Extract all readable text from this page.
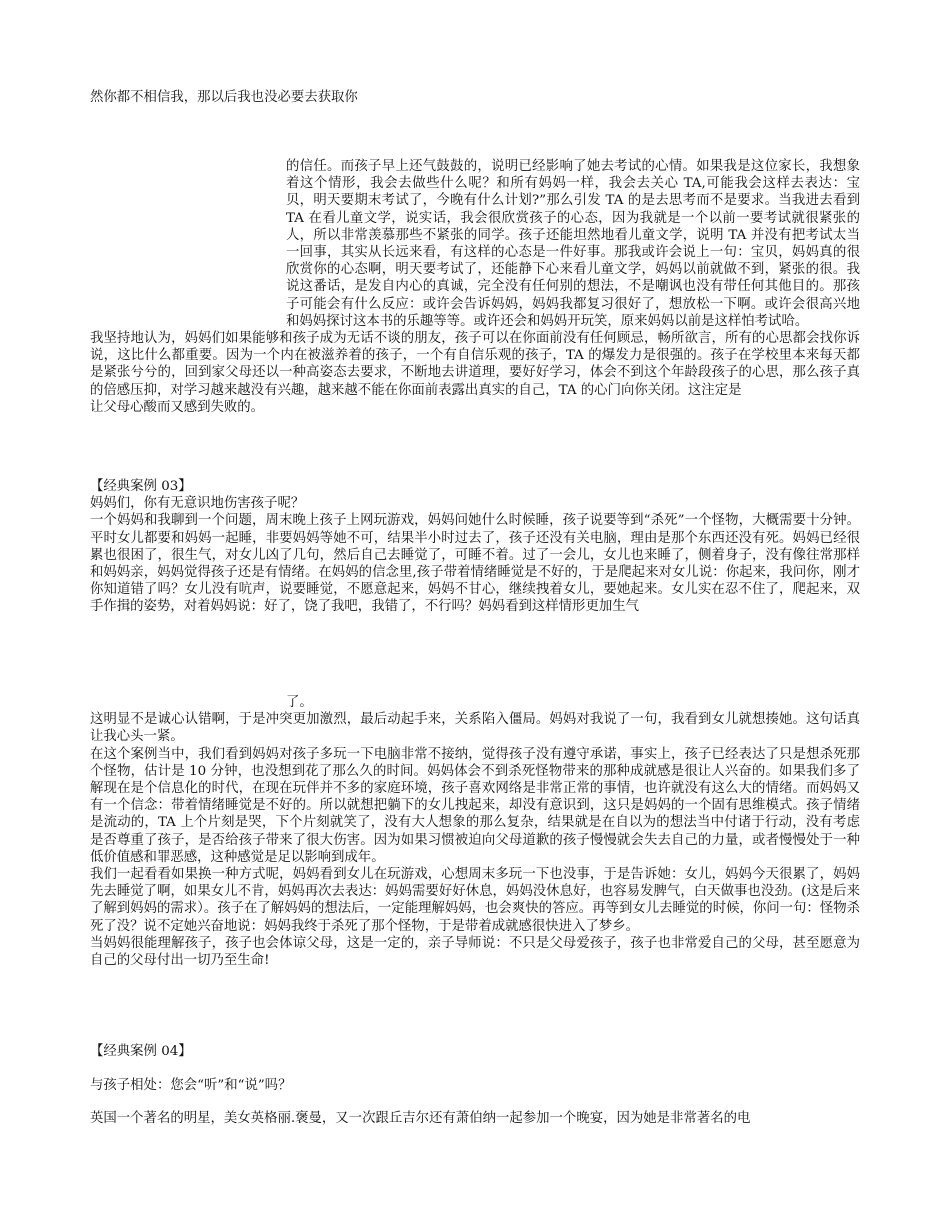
然你都不相信我，那以后我也没必要去获取你

的信任。而孩子早上还气鼓鼓的，说明已经影响了她去考试的心情。如果我是这位家长，我想象着这个情形，我会去做些什么呢？和所有妈妈一样，我会去关心 TA,可能我会这样去表达：宝贝，明天要期末考试了，今晚有什么计划?”那么引发 TA 的是去思考而不是要求。当我进去看到 TA 在看儿童文学，说实话，我会很欣赏孩子的心态，因为我就是一个以前一要考试就很紧张的人，所以非常羡慕那些不紧张的同学。孩子还能坦然地看儿童文学，说明 TA 并没有把考试太当一回事，其实从长远来看，有这样的心态是一件好事。那我或许会说上一句：宝贝，妈妈真的很欣赏你的心态啊，明天要考试了，还能静下心来看儿童文学，妈妈以前就做不到，紧张的很。我说这番话，是发自内心的真诚，完全没有任何别的想法，不是嘲讽也没有带任何其他目的。那孩子可能会有什么反应：或许会告诉妈妈，妈妈我都复习很好了，想放松一下啊。或许会很高兴地和妈妈探讨这本书的乐趣等等。或许还会和妈妈开玩笑，原来妈妈以前是这样怕考试哈。

我坚持地认为，妈妈们如果能够和孩子成为无话不谈的朋友，孩子可以在你面前没有任何顾忌，畅所欲言，所有的心思都会找你诉说，这比什么都重要。因为一个内在被滋养着的孩子，一个有自信乐观的孩子，TA 的爆发力是很强的。孩子在学校里本来每天都是紧张兮兮的，回到家父母还以一种高姿态去要求，不断地去讲道理，要好好学习，体会不到这个年龄段孩子的心思，那么孩子真的倍感压抑，对学习越来越没有兴趣，越来越不能在你面前表露出真实的自己，TA 的心门向你关闭。这注定是

让父母心酸而又感到失败的。

【经典案例 03】

妈妈们，你有无意识地伤害孩子呢？

一个妈妈和我聊到一个问题，周末晚上孩子上网玩游戏，妈妈问她什么时候睡，孩子说要等到“杀死”一个怪物，大概需要十分钟。平时女儿都要和妈妈一起睡，非要妈妈等她不可，结果半小时过去了，孩子还没有关电脑，理由是那个东西还没有死。妈妈已经很累也很困了，很生气，对女儿凶了几句，然后自己去睡觉了，可睡不着。过了一会儿，女儿也来睡了，侧着身子，没有像往常那样和妈妈亲，妈妈觉得孩子还是有情绪。在妈妈的信念里,孩子带着情绪睡觉是不好的，于是爬起来对女儿说：你起来，我问你，刚才你知道错了吗？女儿没有吭声，说要睡觉，不愿意起来，妈妈不甘心，继续拽着女儿，要她起来。女儿实在忍不住了，爬起来，双手作揖的姿势，对着妈妈说：好了，饶了我吧，我错了，不行吗？妈妈看到这样情形更加生气

了。

这明显不是诚心认错啊，于是冲突更加激烈，最后动起手来，关系陷入僵局。妈妈对我说了一句，我看到女儿就想揍她。这句话真让我心头一紧。

在这个案例当中，我们看到妈妈对孩子多玩一下电脑非常不接纳，觉得孩子没有遵守承诺，事实上，孩子已经表达了只是想杀死那个怪物，估计是 10 分钟，也没想到花了那么久的时间。妈妈体会不到杀死怪物带来的那种成就感是很让人兴奋的。如果我们多了解现在是个信息化的时代，在现在玩伴并不多的家庭环境，孩子喜欢网络是非常正常的事情，也许就没有这么大的情绪。而妈妈又有一个信念：带着情绪睡觉是不好的。所以就想把躺下的女儿拽起来，却没有意识到，这只是妈妈的一个固有思维模式。孩子情绪是流动的，TA 上个片刻是哭，下个片刻就笑了，没有大人想象的那么复杂，结果就是在自以为的想法当中付诸于行动，没有考虑是否尊重了孩子，是否给孩子带来了很大伤害。因为如果习惯被迫向父母道歉的孩子慢慢就会失去自己的力量，或者慢慢处于一种低价值感和罪恶感，这种感觉是足以影响到成年。

我们一起看看如果换一种方式呢，妈妈看到女儿在玩游戏，心想周末多玩一下也没事，于是告诉她：女儿，妈妈今天很累了，妈妈先去睡觉了啊，如果女儿不肯，妈妈再次去表达：妈妈需要好好休息，妈妈没休息好，也容易发脾气，白天做事也没劲。(这是后来了解到妈妈的需求）。孩子在了解妈妈的想法后，一定能理解妈妈，也会爽快的答应。再等到女儿去睡觉的时候，你问一句：怪物杀死了没？说不定她兴奋地说：妈妈我终于杀死了那个怪物，于是带着成就感很快进入了梦乡。

当妈妈很能理解孩子，孩子也会体谅父母，这是一定的，亲子导师说：不只是父母爱孩子，孩子也非常爱自己的父母，甚至愿意为自己的父母付出一切乃至生命!

【经典案例 04】

与孩子相处：您会“听”和“说”吗？

英国一个著名的明星，美女英格丽.褒曼，又一次跟丘吉尔还有萧伯纳一起参加一个晚宴，因为她是非常著名的电
